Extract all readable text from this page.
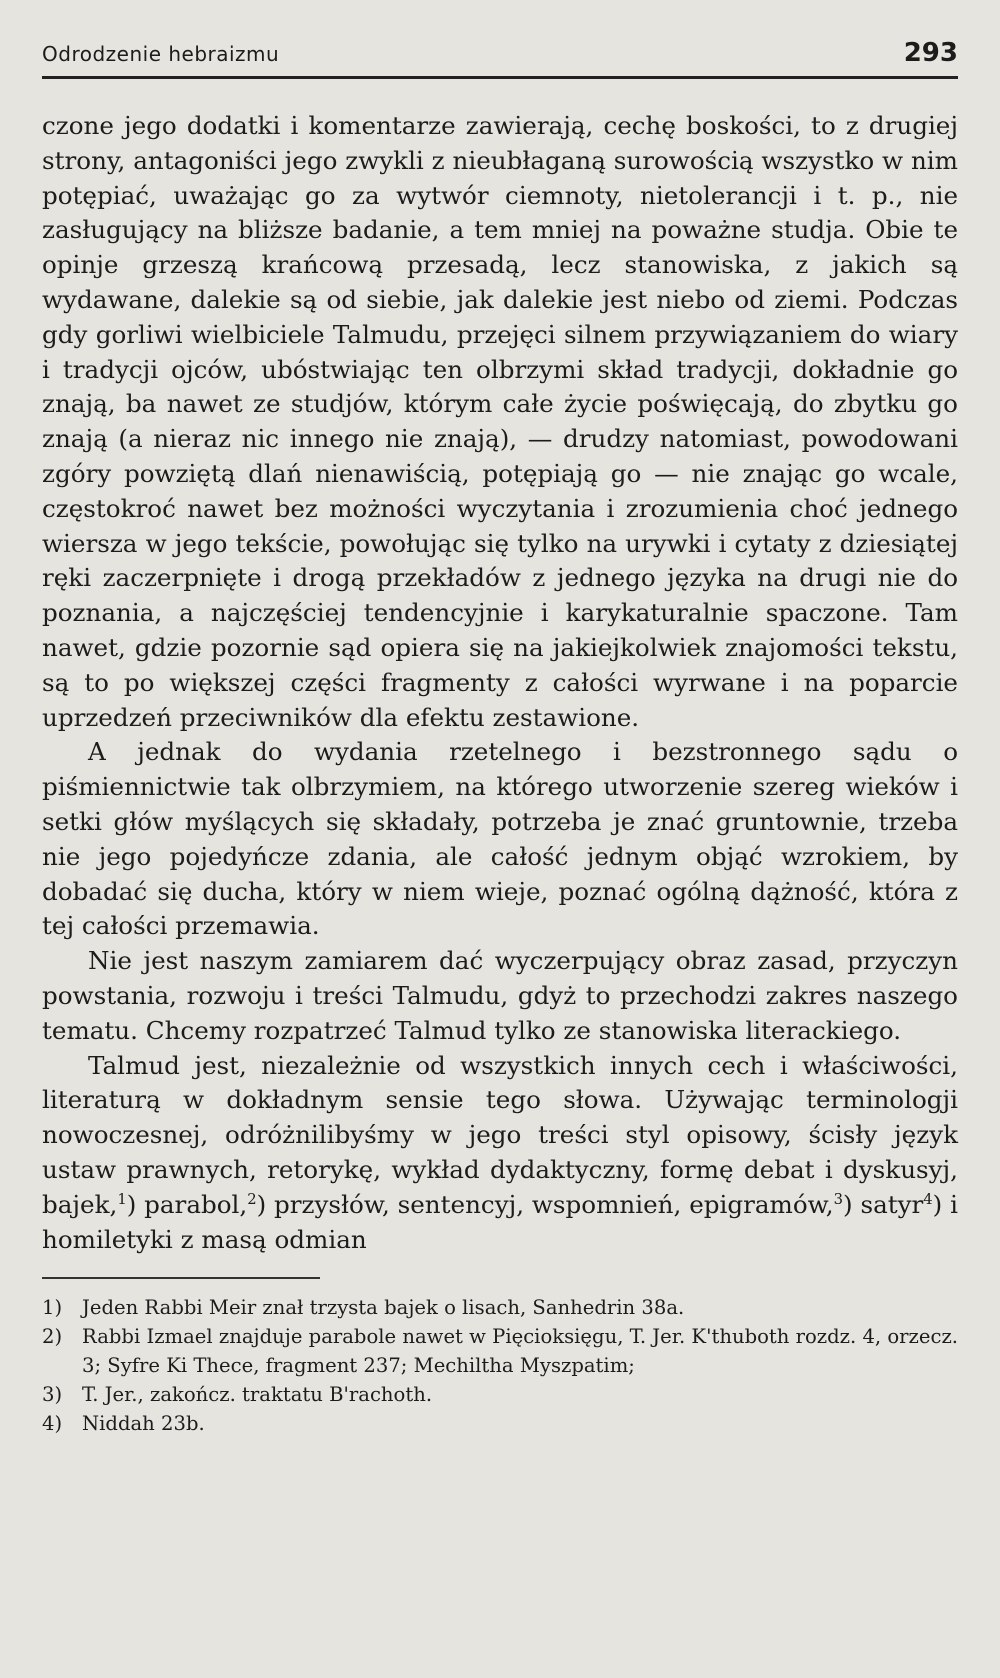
Odrodzenie hebraizmu	293

czone jego dodatki i komentarze zawierają, cechę boskości, to z drugiej strony, antagoniści jego zwykli z nieubłaganą surowością wszystko w nim potępiać, uważając go za wytwór ciemnoty, nietolerancji i t. p., nie zasługujący na bliższe badanie, a tem mniej na poważne studja. Obie te opinje grzeszą krańcową przesadą, lecz stanowiska, z jakich są wydawane, dalekie są od siebie, jak dalekie jest niebo od ziemi. Podczas gdy gorliwi wielbiciele Talmudu, przejęci silnem przywiązaniem do wiary i tradycji ojców, ubóstwiając ten olbrzymi skład tradycji, dokładnie go znają, ba nawet ze studjów, którym całe życie poświęcają, do zbytku go znają (a nieraz nic innego nie znają), — drudzy natomiast, powodowani zgóry powziętą dlań nienawiścią, potępiają go — nie znając go wcale, częstokroć nawet bez możności wyczytania i zrozumienia choć jednego wiersza w jego tekście, powołując się tylko na urywki i cytaty z dziesiątej ręki zaczerpnięte i drogą przekładów z jednego języka na drugi nie do poznania, a najczęściej tendencyjnie i karykaturalnie spaczone. Tam nawet, gdzie pozornie sąd opiera się na jakiejkolwiek znajomości tekstu, są to po większej części fragmenty z całości wyrwane i na poparcie uprzedzeń przeciwników dla efektu zestawione.

A jednak do wydania rzetelnego i bezstronnego sądu o piśmiennictwie tak olbrzymiem, na którego utworzenie szereg wieków i setki głów myślących się składały, potrzeba je znać gruntownie, trzeba nie jego pojedyńcze zdania, ale całość jednym objąć wzrokiem, by dobadać się ducha, który w niem wieje, poznać ogólną dążność, która z tej całości przemawia.

Nie jest naszym zamiarem dać wyczerpujący obraz zasad, przyczyn powstania, rozwoju i treści Talmudu, gdyż to przechodzi zakres naszego tematu. Chcemy rozpatrzeć Talmud tylko ze stanowiska literackiego.

Talmud jest, niezależnie od wszystkich innych cech i właściwości, literaturą w dokładnym sensie tego słowa. Używając terminologji nowoczesnej, odróżnilibyśmy w jego treści styl opisowy, ścisły język ustaw prawnych, retorykę, wykład dydaktyczny, formę debat i dyskusyj, bajek,$^1$) parabol,$^2$) przysłów, sentencyj, wspomnień, epigramów,$^3$) satyr$^4$) i homiletyki z masą odmian

1)	Jeden Rabbi Meir znał trzysta bajek o lisach, Sanhedrin 38a.
2)	Rabbi Izmael znajduje parabole nawet w Pięcioksięgu, T. Jer. K'thuboth rozdz. 4, orzecz. 3; Syfre Ki Thece, fragment 237; Mechiltha Myszpatim;
3)	T. Jer., zakończ. traktatu B'rachoth.
4)	Niddah 23b.
